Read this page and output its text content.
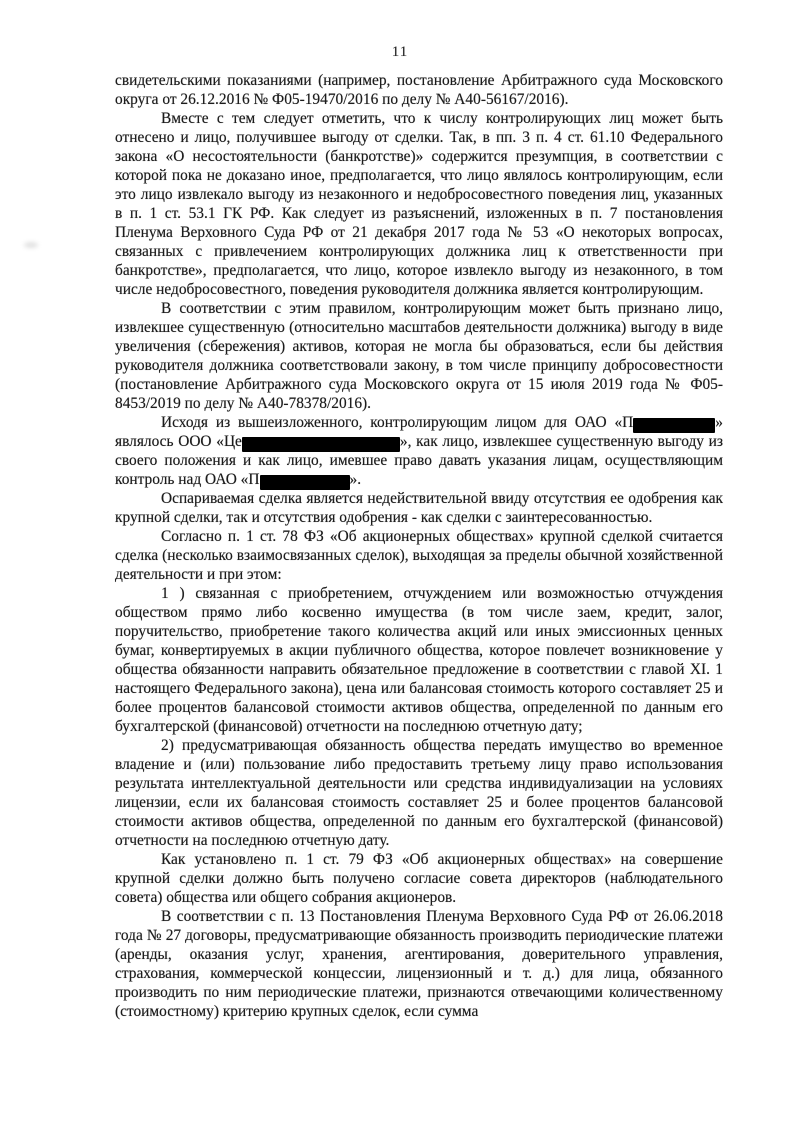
11

свидетельскими показаниями (например, постановление Арбитражного суда Московского округа от 26.12.2016 № Ф05-19470/2016 по делу № А40-56167/2016).

Вместе с тем следует отметить, что к числу контролирующих лиц может быть отнесено и лицо, получившее выгоду от сделки. Так, в пп. 3 п. 4 ст. 61.10 Федерального закона «О несостоятельности (банкротстве)» содержится презумпция, в соответствии с которой пока не доказано иное, предполагается, что лицо являлось контролирующим, если это лицо извлекало выгоду из незаконного и недобросовестного поведения лиц, указанных в п. 1 ст. 53.1 ГК РФ. Как следует из разъяснений, изложенных в п. 7 постановления Пленума Верховного Суда РФ от 21 декабря 2017 года № 53 «О некоторых вопросах, связанных с привлечением контролирующих должника лиц к ответственности при банкротстве», предполагается, что лицо, которое извлекло выгоду из незаконного, в том числе недобросовестного, поведения руководителя должника является контролирующим.

В соответствии с этим правилом, контролирующим может быть признано лицо, извлекшее существенную (относительно масштабов деятельности должника) выгоду в виде увеличения (сбережения) активов, которая не могла бы образоваться, если бы действия руководителя должника соответствовали закону, в том числе принципу добросовестности (постановление Арбитражного суда Московского округа от 15 июля 2019 года № Ф05-8453/2019 по делу № А40-78378/2016).

Исходя из вышеизложенного, контролирующим лицом для ОАО «П	» являлось ООО «Це	», как лицо, извлекшее существенную выгоду из своего положения и как лицо, имевшее право давать указания лицам, осуществляющим контроль над ОАО «П	».

Оспариваемая сделка является недействительной ввиду отсутствия ее одобрения как крупной сделки, так и отсутствия одобрения - как сделки с заинтересованностью.

Согласно п. 1 ст. 78 ФЗ «Об акционерных обществах» крупной сделкой считается сделка (несколько взаимосвязанных сделок), выходящая за пределы обычной хозяйственной деятельности и при этом:

1 ) связанная с приобретением, отчуждением или возможностью отчуждения обществом прямо либо косвенно имущества (в том числе заем, кредит, залог, поручительство, приобретение такого количества акций или иных эмиссионных ценных бумаг, конвертируемых в акции публичного общества, которое повлечет возникновение у общества обязанности направить обязательное предложение в соответствии с главой XI. 1 настоящего Федерального закона), цена или балансовая стоимость которого составляет 25 и более процентов балансовой стоимости активов общества, определенной по данным его бухгалтерской (финансовой) отчетности на последнюю отчетную дату;

2) предусматривающая обязанность общества передать имущество во временное владение и (или) пользование либо предоставить третьему лицу право использования результата интеллектуальной деятельности или средства индивидуализации на условиях лицензии, если их балансовая стоимость составляет 25 и более процентов балансовой стоимости активов общества, определенной по данным его бухгалтерской (финансовой) отчетности на последнюю отчетную дату.

Как установлено п. 1 ст. 79 ФЗ «Об акционерных обществах» на совершение крупной сделки должно быть получено согласие совета директоров (наблюдательного совета) общества или общего собрания акционеров.

В соответствии с п. 13 Постановления Пленума Верховного Суда РФ от 26.06.2018 года № 27 договоры, предусматривающие обязанность производить периодические платежи (аренды, оказания услуг, хранения, агентирования, доверительного управления, страхования, коммерческой концессии, лицензионный и т. д.) для лица, обязанного производить по ним периодические платежи, признаются отвечающими количественному (стоимостному) критерию крупных сделок, если сумма
